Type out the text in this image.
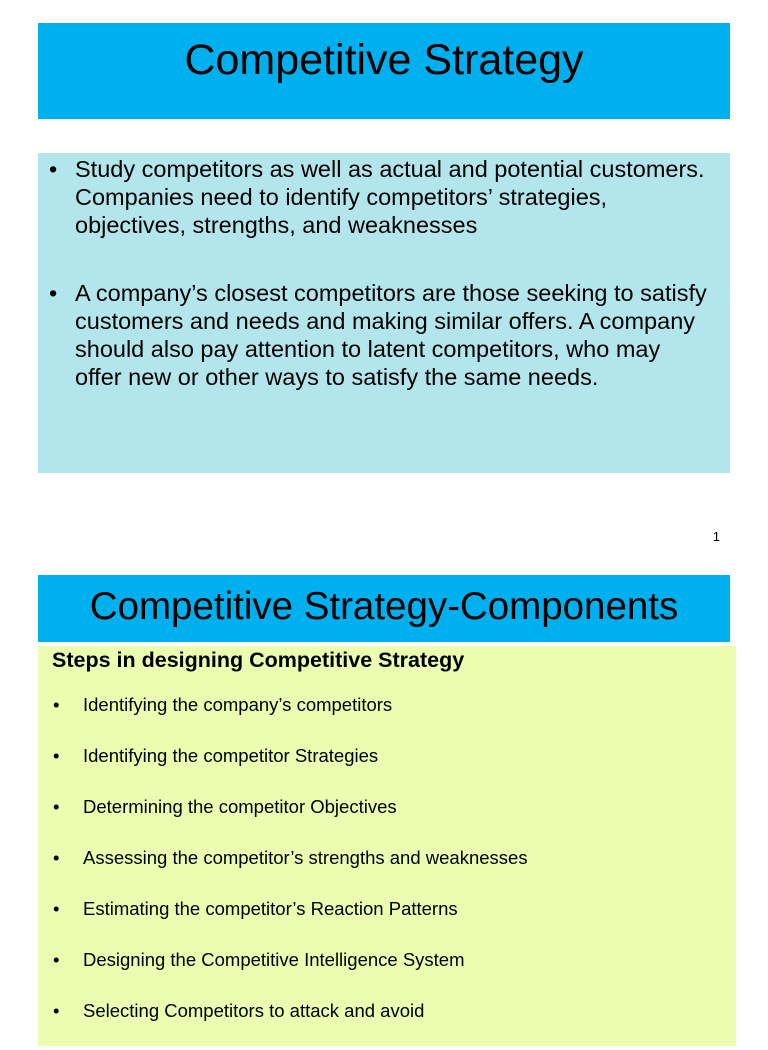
Competitive Strategy
• Study competitors as well as actual and potential customers. Companies need to identify competitors’ strategies, objectives, strengths, and weaknesses
• A company’s closest competitors are those seeking to satisfy customers and needs and making similar offers. A company should also pay attention to latent competitors, who may offer new or other ways to satisfy the same needs.
1
Competitive Strategy-Components
Steps in designing Competitive Strategy
•	Identifying the company’s competitors
•	Identifying the competitor Strategies
•	Determining the competitor Objectives
•	Assessing the competitor’s strengths and weaknesses
•	Estimating the competitor’s Reaction Patterns
•	Designing the Competitive Intelligence System
•	Selecting Competitors to attack and avoid
